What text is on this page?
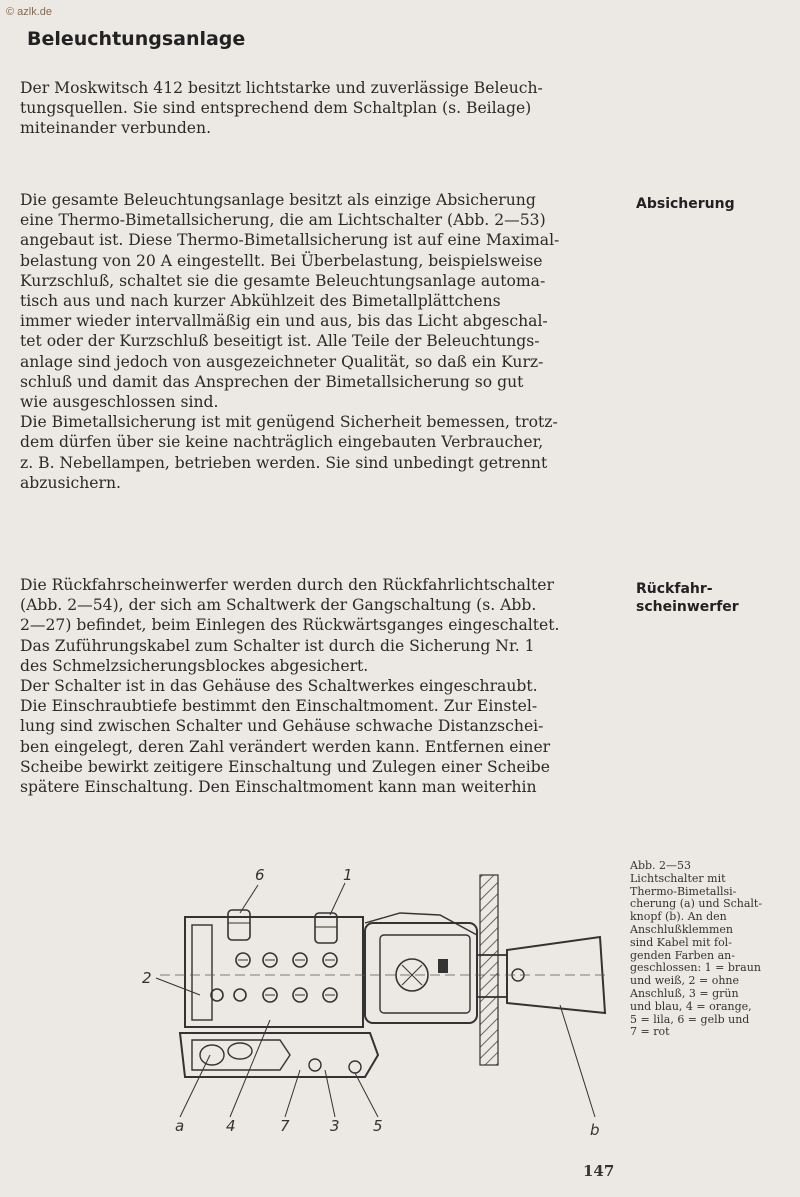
© azlk.de
Beleuchtungsanlage

Der Moskwitsch 412 besitzt lichtstarke und zuverlässige Beleuch-
tungsquellen. Sie sind entsprechend dem Schaltplan (s. Beilage)
miteinander verbunden.

Absicherung

Die gesamte Beleuchtungsanlage besitzt als einzige Absicherung
eine Thermo-Bimetallsicherung, die am Lichtschalter (Abb. 2—53)
angebaut ist. Diese Thermo-Bimetallsicherung ist auf eine Maximal-
belastung von 20 A eingestellt. Bei Überbelastung, beispielsweise
Kurzschluß, schaltet sie die gesamte Beleuchtungsanlage automa-
tisch aus und nach kurzer Abkühlzeit des Bimetallplättchens
immer wieder intervallmäßig ein und aus, bis das Licht abgeschal-
tet oder der Kurzschluß beseitigt ist. Alle Teile der Beleuchtungs-
anlage sind jedoch von ausgezeichneter Qualität, so daß ein Kurz-
schluß und damit das Ansprechen der Bimetallsicherung so gut
wie ausgeschlossen sind.
Die Bimetallsicherung ist mit genügend Sicherheit bemessen, trotz-
dem dürfen über sie keine nachträglich eingebauten Verbraucher,
z. B. Nebellampen, betrieben werden. Sie sind unbedingt getrennt
abzusichern.

Rückfahr-
scheinwerfer

Die Rückfahrscheinwerfer werden durch den Rückfahrlichtschalter
(Abb. 2—54), der sich am Schaltwerk der Gangschaltung (s. Abb.
2—27) befindet, beim Einlegen des Rückwärtsganges eingeschaltet.
Das Zuführungskabel zum Schalter ist durch die Sicherung Nr. 1
des Schmelzsicherungsblockes abgesichert.
Der Schalter ist in das Gehäuse des Schaltwerkes eingeschraubt.
Die Einschraubtiefe bestimmt den Einschaltmoment. Zur Einstel-
lung sind zwischen Schalter und Gehäuse schwache Distanzschei-
ben eingelegt, deren Zahl verändert werden kann. Entfernen einer
Scheibe bewirkt zeitigere Einschaltung und Zulegen einer Scheibe
spätere Einschaltung. Den Einschaltmoment kann man weiterhin

6	1
2
a	4	7	3 5	b
Abb. 2—53
Lichtschalter mit
Thermo-Bimetallsi-
cherung (a) und Schalt-
knopf (b). An den
Anschlußklemmen
sind Kabel mit fol-
genden Farben an-
geschlossen: 1 = braun
und weiß, 2 = ohne
Anschluß, 3 = grün
und blau, 4 = orange,
5 = lila, 6 = gelb und
7 = rot
147
